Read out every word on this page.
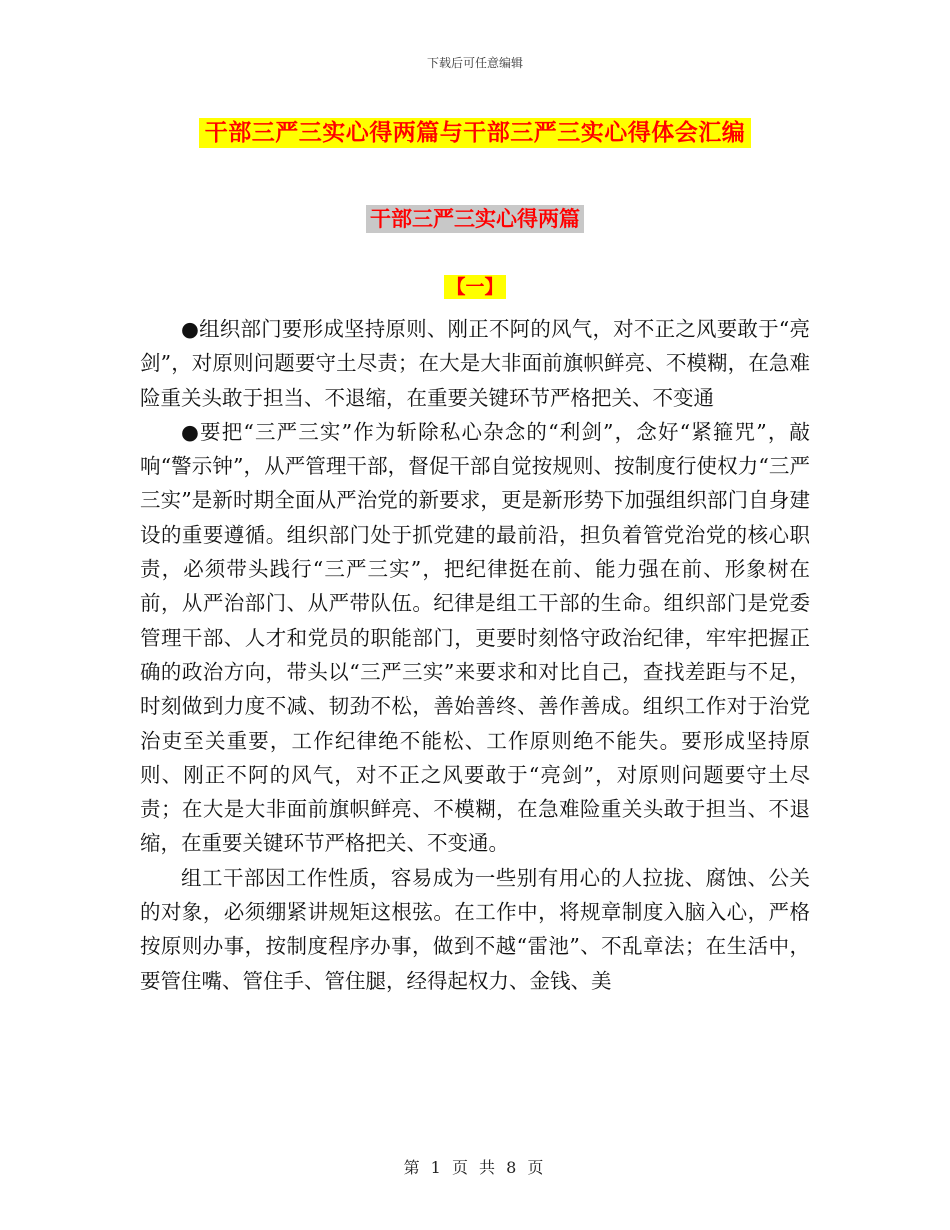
下载后可任意编辑
干部三严三实心得两篇与干部三严三实心得体会汇编
干部三严三实心得两篇
【一】

●组织部门要形成坚持原则、刚正不阿的风气，对不正之风要敢于“亮剑”，对原则问题要守土尽责；在大是大非面前旗帜鲜亮、不模糊，在急难险重关头敢于担当、不退缩，在重要关键环节严格把关、不变通

●要把“三严三实”作为斩除私心杂念的“利剑”，念好“紧箍咒”，敲响“警示钟”，从严管理干部，督促干部自觉按规则、按制度行使权力“三严三实”是新时期全面从严治党的新要求，更是新形势下加强组织部门自身建设的重要遵循。组织部门处于抓党建的最前沿，担负着管党治党的核心职责，必须带头践行“三严三实”，把纪律挺在前、能力强在前、形象树在前，从严治部门、从严带队伍。纪律是组工干部的生命。组织部门是党委管理干部、人才和党员的职能部门，更要时刻恪守政治纪律，牢牢把握正确的政治方向，带头以“三严三实”来要求和对比自己，查找差距与不足，时刻做到力度不减、韧劲不松，善始善终、善作善成。组织工作对于治党治吏至关重要，工作纪律绝不能松、工作原则绝不能失。要形成坚持原则、刚正不阿的风气，对不正之风要敢于“亮剑”，对原则问题要守土尽责；在大是大非面前旗帜鲜亮、不模糊，在急难险重关头敢于担当、不退缩，在重要关键环节严格把关、不变通。

组工干部因工作性质，容易成为一些别有用心的人拉拢、腐蚀、公关的对象，必须绷紧讲规矩这根弦。在工作中，将规章制度入脑入心，严格按原则办事，按制度程序办事，做到不越“雷池”、不乱章法；在生活中，要管住嘴、管住手、管住腿，经得起权力、金钱、美

第 1 页 共 8 页
